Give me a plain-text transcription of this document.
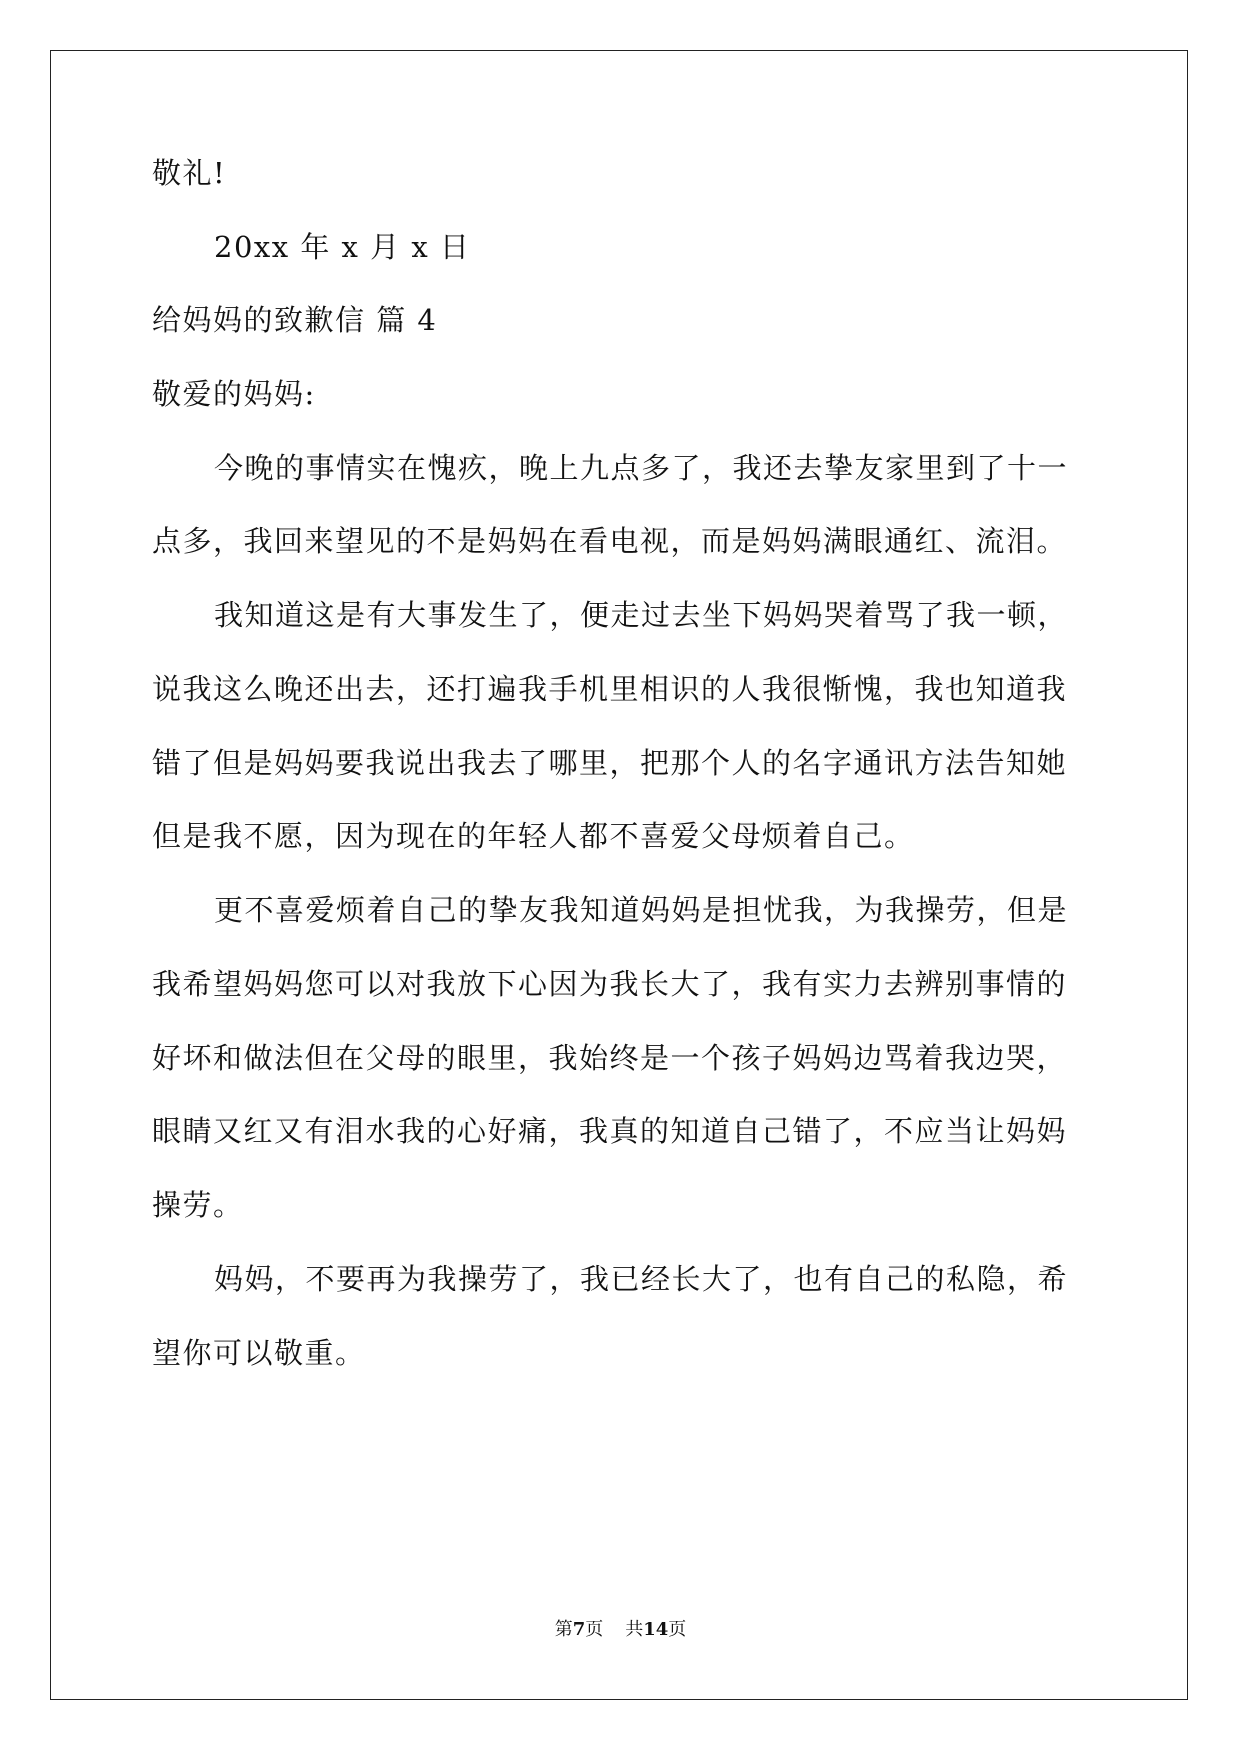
敬礼!

20xx 年 x 月 x 日

给妈妈的致歉信 篇 4

敬爱的妈妈:

今晚的事情实在愧疚，晚上九点多了，我还去挚友家里到了十一

点多，我回来望见的不是妈妈在看电视，而是妈妈满眼通红、流泪。

我知道这是有大事发生了，便走过去坐下妈妈哭着骂了我一顿，

说我这么晚还出去，还打遍我手机里相识的人我很惭愧，我也知道我

错了但是妈妈要我说出我去了哪里，把那个人的名字通讯方法告知她

但是我不愿，因为现在的年轻人都不喜爱父母烦着自己。

更不喜爱烦着自己的挚友我知道妈妈是担忧我，为我操劳，但是

我希望妈妈您可以对我放下心因为我长大了，我有实力去辨别事情的

好坏和做法但在父母的眼里，我始终是一个孩子妈妈边骂着我边哭，

眼睛又红又有泪水我的心好痛，我真的知道自己错了，不应当让妈妈

操劳。

妈妈，不要再为我操劳了，我已经长大了，也有自己的私隐，希

望你可以敬重。

第7页 共14页
